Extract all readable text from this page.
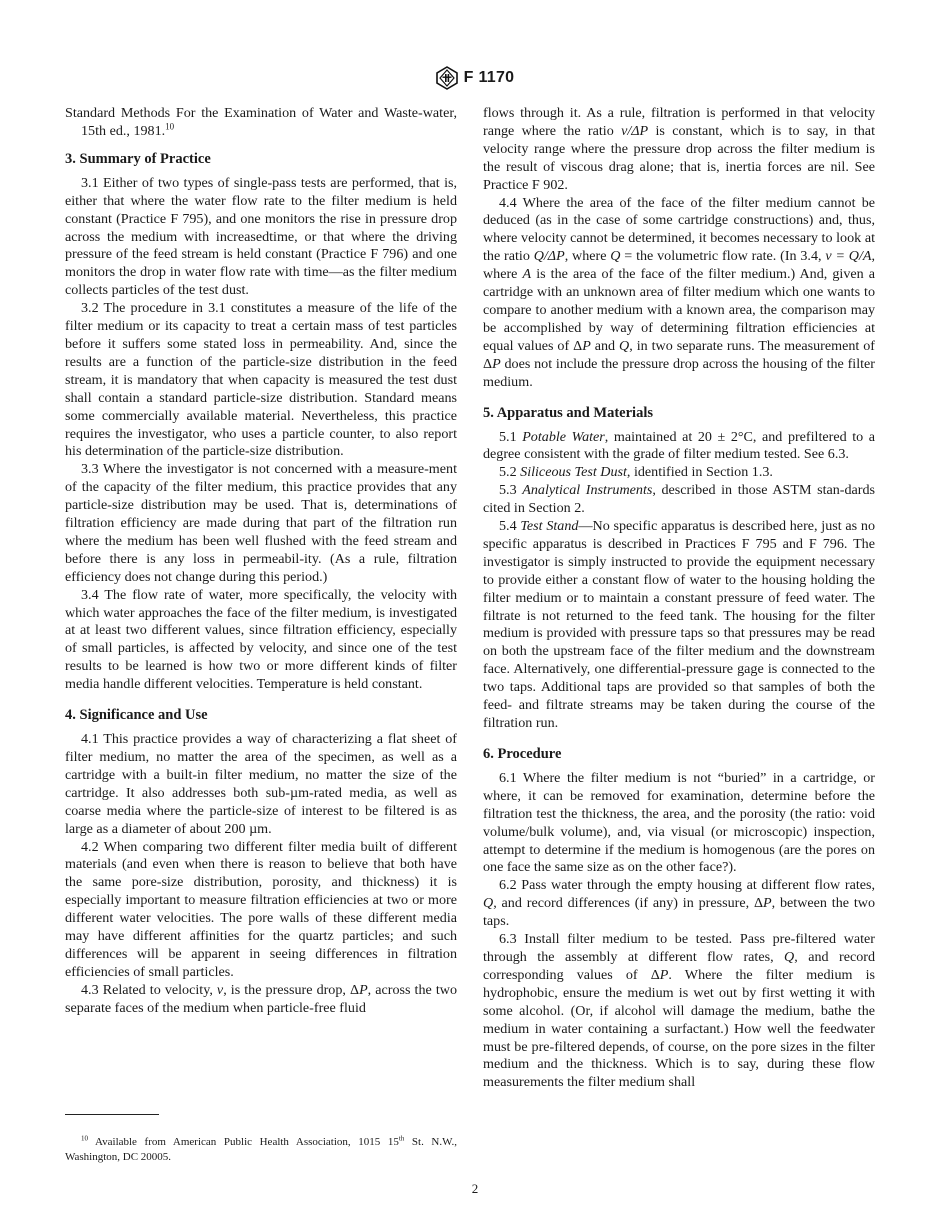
F 1170

Standard Methods For the Examination of Water and Waste-water, 15th ed., 1981.10

3. Summary of Practice

3.1 Either of two types of single-pass tests are performed, that is, either that where the water flow rate to the filter medium is held constant (Practice F 795), and one monitors the rise in pressure drop across the medium with increasedtime, or that where the driving pressure of the feed stream is held constant (Practice F 796) and one monitors the drop in water flow rate with time—as the filter medium collects particles of the test dust.

3.2 The procedure in 3.1 constitutes a measure of the life of the filter medium or its capacity to treat a certain mass of test particles before it suffers some stated loss in permeability. And, since the results are a function of the particle-size distribution in the feed stream, it is mandatory that when capacity is measured the test dust shall contain a standard particle-size distribution. Standard means some commercially available material. Nevertheless, this practice requires the investigator, who uses a particle counter, to also report his determination of the particle-size distribution.

3.3 Where the investigator is not concerned with a measure-ment of the capacity of the filter medium, this practice provides that any particle-size distribution may be used. That is, determinations of filtration efficiency are made during that part of the filtration run where the medium has been well flushed with the feed stream and before there is any loss in permeabil-ity. (As a rule, filtration efficiency does not change during this period.)

3.4 The flow rate of water, more specifically, the velocity with which water approaches the face of the filter medium, is investigated at at least two different values, since filtration efficiency, especially of small particles, is affected by velocity, and since one of the test results to be learned is how two or more different kinds of filter media handle different velocities. Temperature is held constant.

4. Significance and Use

4.1 This practice provides a way of characterizing a flat sheet of filter medium, no matter the area of the specimen, as well as a cartridge with a built-in filter medium, no matter the size of the cartridge. It also addresses both sub-µm-rated media, as well as coarse media where the particle-size of interest to be filtered is as large as a diameter of about 200 µm.

4.2 When comparing two different filter media built of different materials (and even when there is reason to believe that both have the same pore-size distribution, porosity, and thickness) it is especially important to measure filtration efficiencies at two or more different water velocities. The pore walls of these different media may have different affinities for the quartz particles; and such differences will be apparent in seeing differences in filtration efficiencies of small particles.

4.3 Related to velocity, v, is the pressure drop, ΔP, across the two separate faces of the medium when particle-free fluid

flows through it. As a rule, filtration is performed in that velocity range where the ratio v/ΔP is constant, which is to say, in that velocity range where the pressure drop across the filter medium is the result of viscous drag alone; that is, inertia forces are nil. See Practice F 902.

4.4 Where the area of the face of the filter medium cannot be deduced (as in the case of some cartridge constructions) and, thus, where velocity cannot be determined, it becomes necessary to look at the ratio Q/ΔP, where Q = the volumetric flow rate. (In 3.4, v = Q/A, where A is the area of the face of the filter medium.) And, given a cartridge with an unknown area of filter medium which one wants to compare to another medium with a known area, the comparison may be accomplished by way of determining filtration efficiencies at equal values of ΔP and Q, in two separate runs. The measurement of ΔP does not include the pressure drop across the housing of the filter medium.

5. Apparatus and Materials

5.1 Potable Water, maintained at 20 ± 2°C, and prefiltered to a degree consistent with the grade of filter medium tested. See 6.3.

5.2 Siliceous Test Dust, identified in Section 1.3.

5.3 Analytical Instruments, described in those ASTM stan-dards cited in Section 2.

5.4 Test Stand—No specific apparatus is described here, just as no specific apparatus is described in Practices F 795 and F 796. The investigator is simply instructed to provide the equipment necessary to provide either a constant flow of water to the housing holding the filter medium or to maintain a constant pressure of feed water. The filtrate is not returned to the feed tank. The housing for the filter medium is provided with pressure taps so that pressures may be read on both the upstream face of the filter medium and the downstream face. Alternatively, one differential-pressure gage is connected to the two taps. Additional taps are provided so that samples of both the feed- and filtrate streams may be taken during the course of the filtration run.

6. Procedure

6.1 Where the filter medium is not “buried” in a cartridge, or where, it can be removed for examination, determine before the filtration test the thickness, the area, and the porosity (the ratio: void volume/bulk volume), and, via visual (or microscopic) inspection, attempt to determine if the medium is homogenous (are the pores on one face the same size as on the other face?).

6.2 Pass water through the empty housing at different flow rates, Q, and record differences (if any) in pressure, ΔP, between the two taps.

6.3 Install filter medium to be tested. Pass pre-filtered water through the assembly at different flow rates, Q, and record corresponding values of ΔP. Where the filter medium is hydrophobic, ensure the medium is wet out by first wetting it with some alcohol. (Or, if alcohol will damage the medium, bathe the medium in water containing a surfactant.) How well the feedwater must be pre-filtered depends, of course, on the pore sizes in the filter medium and the thickness. Which is to say, during these flow measurements the filter medium shall

$^{10}$ Available from American Public Health Association, 1015 15th St. N.W., Washington, DC 20005.

2
